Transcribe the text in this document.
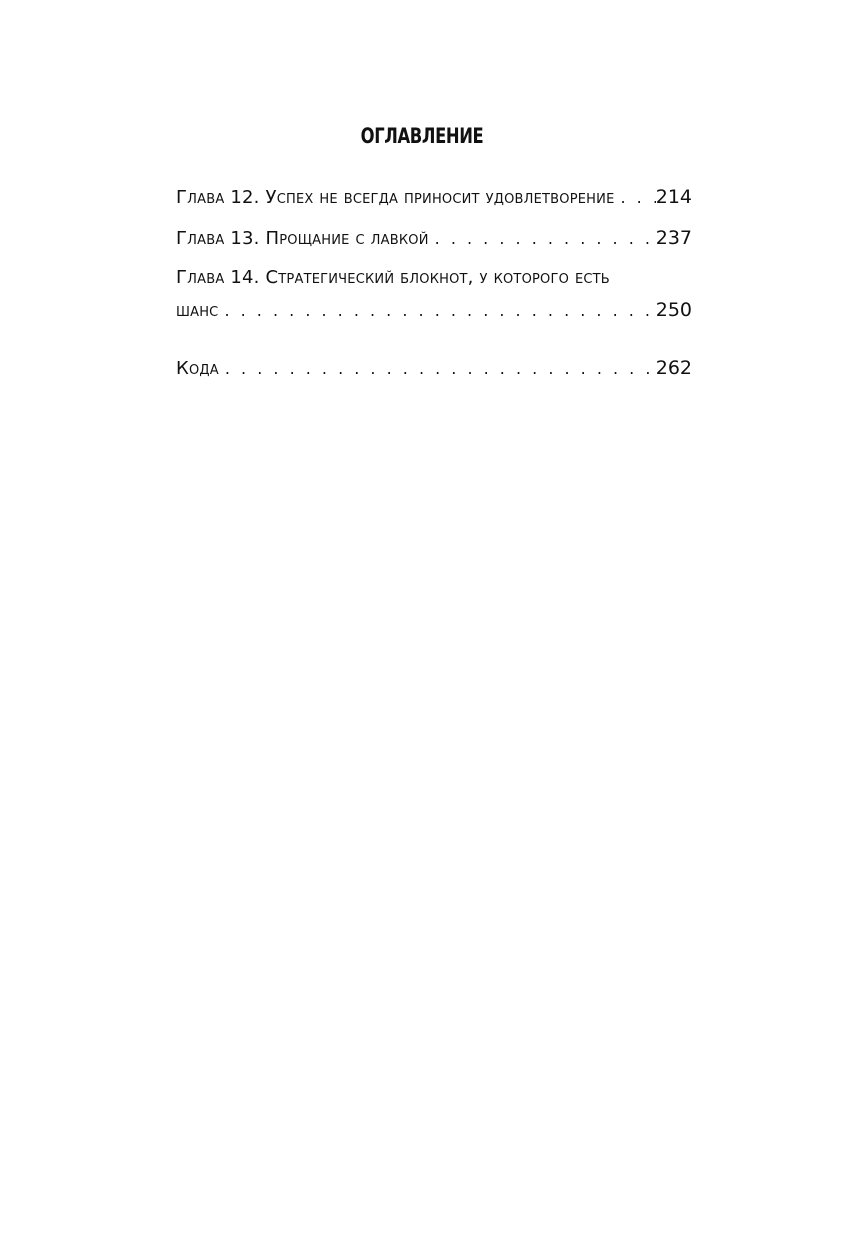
ОГЛАВЛЕНИЕ
Глава 12. Успех не всегда приносит удовлетворение . . . 214
Глава 13. Прощание с лавкой . . .	237
Глава 14. Стратегический блокнот, у которого есть
шанс . . .	250
Кода . . .	262
